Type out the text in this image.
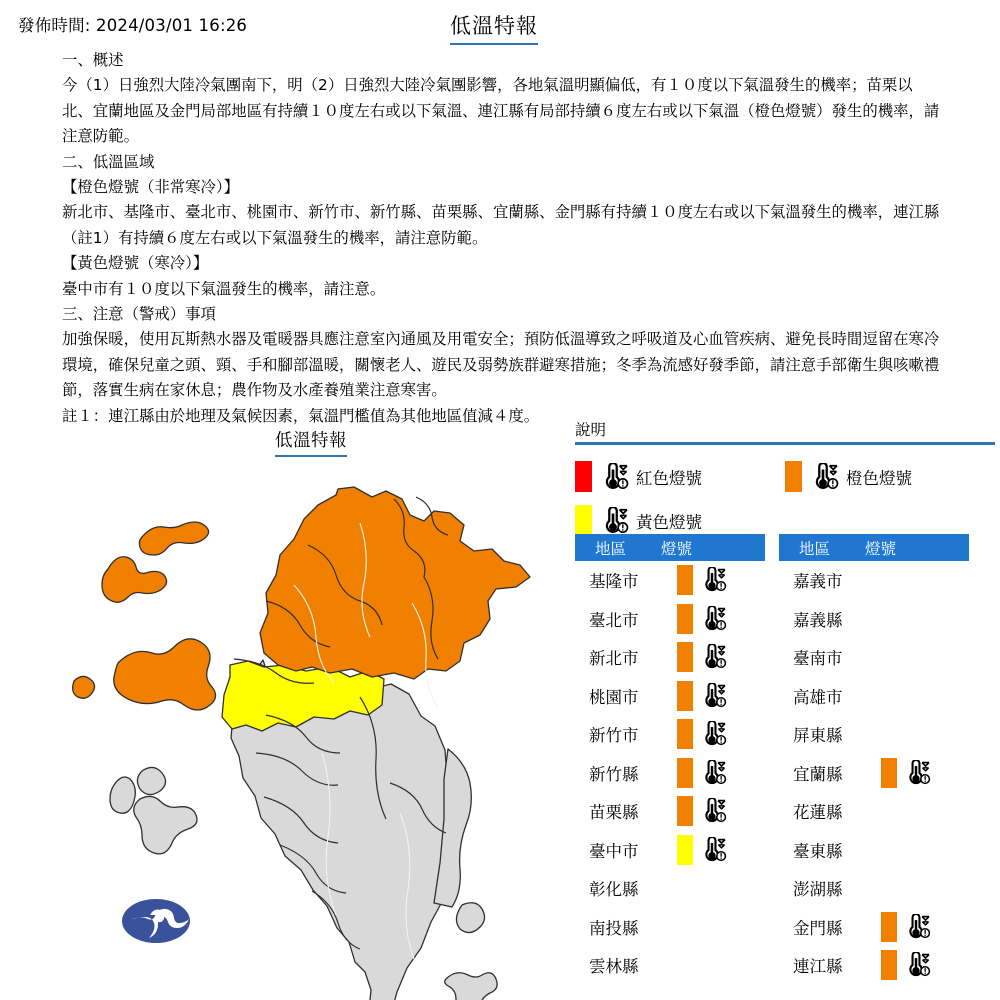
發佈時間: 2024/03/01 16:26	低溫特報

一、概述

今（1）日強烈大陸冷氣團南下，明（2）日強烈大陸冷氣團影響，各地氣溫明顯偏低，有１０度以下氣溫發生的機率；苗栗以北、宜蘭地區及金門局部地區有持續１０度左右或以下氣溫、連江縣有局部持續６度左右或以下氣溫（橙色燈號）發生的機率，請注意防範。

二、低溫區域

【橙色燈號（非常寒冷）】

新北市、基隆市、臺北市、桃園市、新竹市、新竹縣、苗栗縣、宜蘭縣、金門縣有持續１０度左右或以下氣溫發生的機率，連江縣（註1）有持續６度左右或以下氣溫發生的機率，請注意防範。

【黃色燈號（寒冷）】

臺中市有１０度以下氣溫發生的機率，請注意。

三、注意（警戒）事項

加強保暖，使用瓦斯熱水器及電暖器具應注意室內通風及用電安全；預防低溫導致之呼吸道及心血管疾病、避免長時間逗留在寒冷環境，確保兒童之頭、頸、手和腳部溫暖，關懷老人、遊民及弱勢族群避寒措施；冬季為流感好發季節，請注意手部衛生與咳嗽禮節，落實生病在家休息；農作物及水產養殖業注意寒害。

註１：連江縣由於地理及氣候因素，氣溫門檻值為其他地區值減４度。

低溫特報
說明
紅色燈號	橙色燈號
黃色燈號
地區	燈號
基隆市
臺北市
新北市
桃園市
新竹市
新竹縣
苗栗縣
臺中市
彰化縣
南投縣
雲林縣
地區	燈號
嘉義市
嘉義縣
臺南市
高雄市
屏東縣
宜蘭縣
花蓮縣
臺東縣
澎湖縣
金門縣
連江縣
